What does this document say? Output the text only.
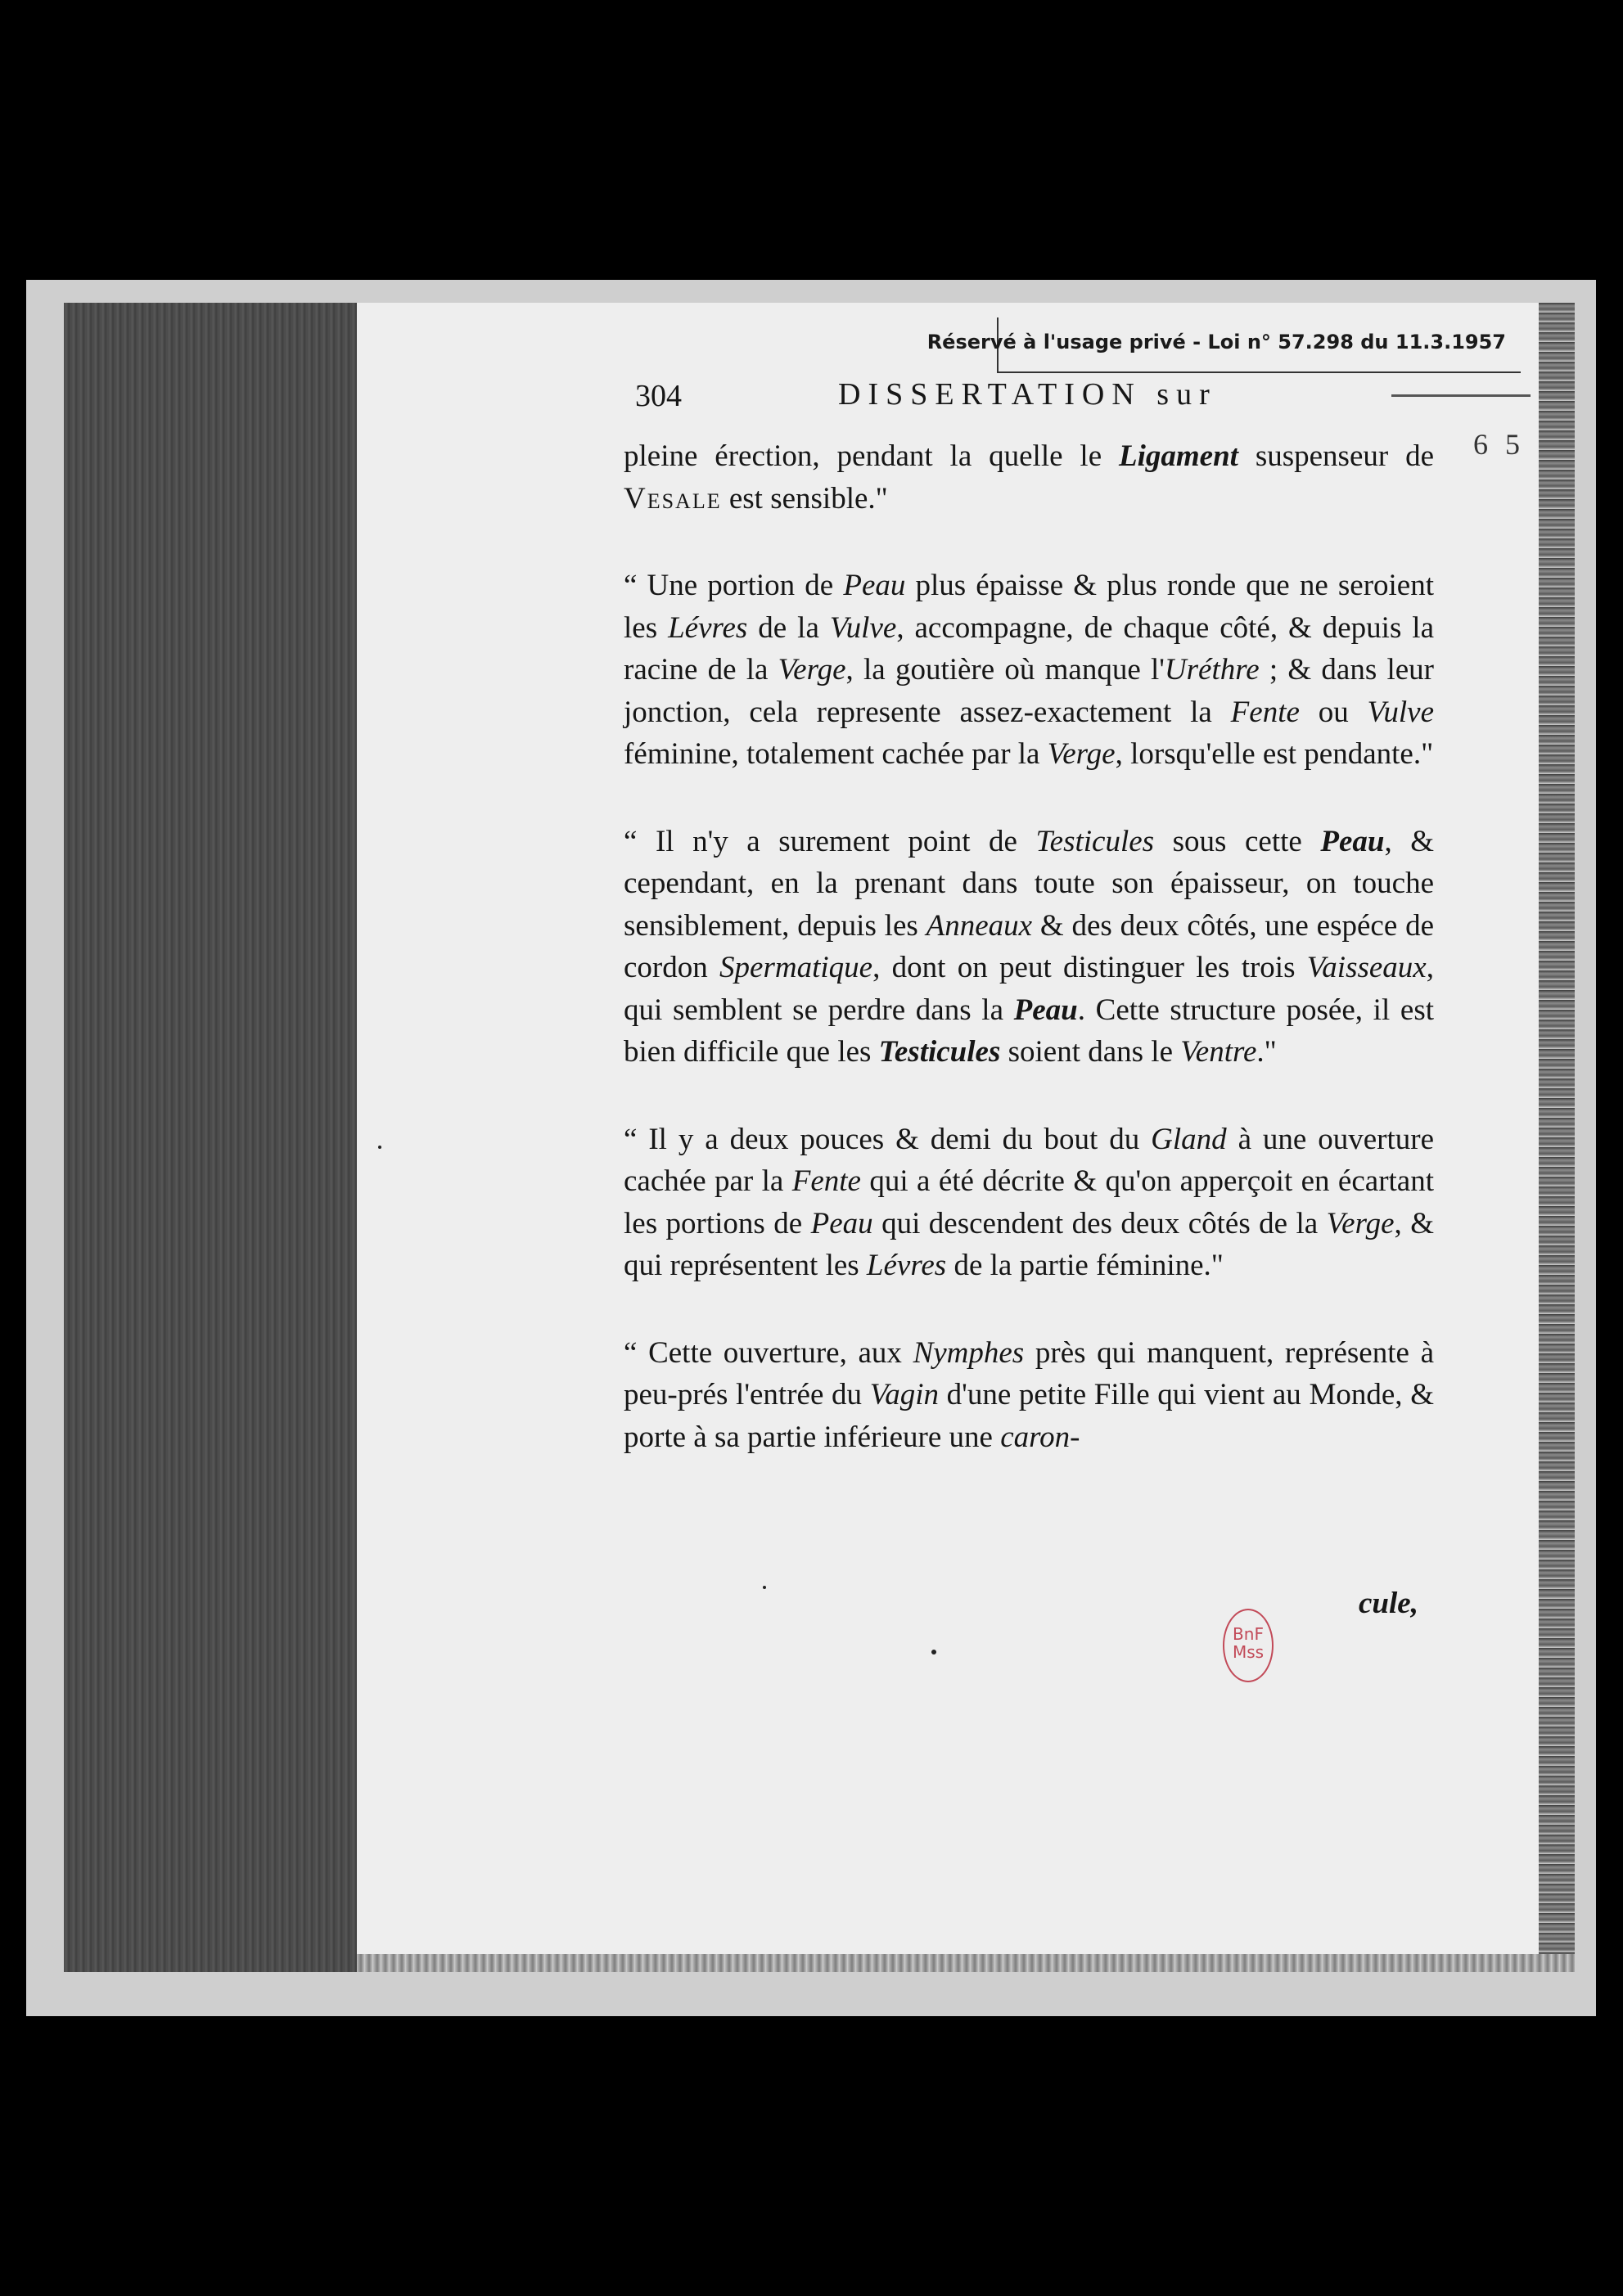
Réservé à l'usage privé - Loi n° 57.298 du 11.3.1957
304	DISSERTATION sur
6 5

pleine érection, pendant la quelle le Ligament suspenseur de Vesale est sensible."

“ Une portion de Peau plus épaisse & plus ronde que ne seroient les Lévres de la Vulve, accompagne, de chaque côté, & depuis la racine de la Verge, la goutière où manque l'Uréthre ; & dans leur jonction, cela represente assez-exactement la Fente ou Vulve féminine, totalement cachée par la Verge, lorsqu'elle est pendante."

“ Il n'y a surement point de Testicules sous cette Peau, & cependant, en la prenant dans toute son épaisseur, on touche sensiblement, depuis les Anneaux & des deux côtés, une espéce de cordon Spermatique, dont on peut distinguer les trois Vaisseaux, qui semblent se perdre dans la Peau. Cette structure posée, il est bien difficile que les Testicules soient dans le Ventre."

“ Il y a deux pouces & demi du bout du Gland à une ouverture cachée par la Fente qui a été décrite & qu'on apperçoit en écartant les portions de Peau qui descendent des deux côtés de la Verge, & qui représentent les Lévres de la partie féminine."

“ Cette ouverture, aux Nymphes près qui manquent, représente à peu-prés l'entrée du Vagin d'une petite Fille qui vient au Monde, & porte à sa partie inférieure une caron-

cule,
BnF
Mss
